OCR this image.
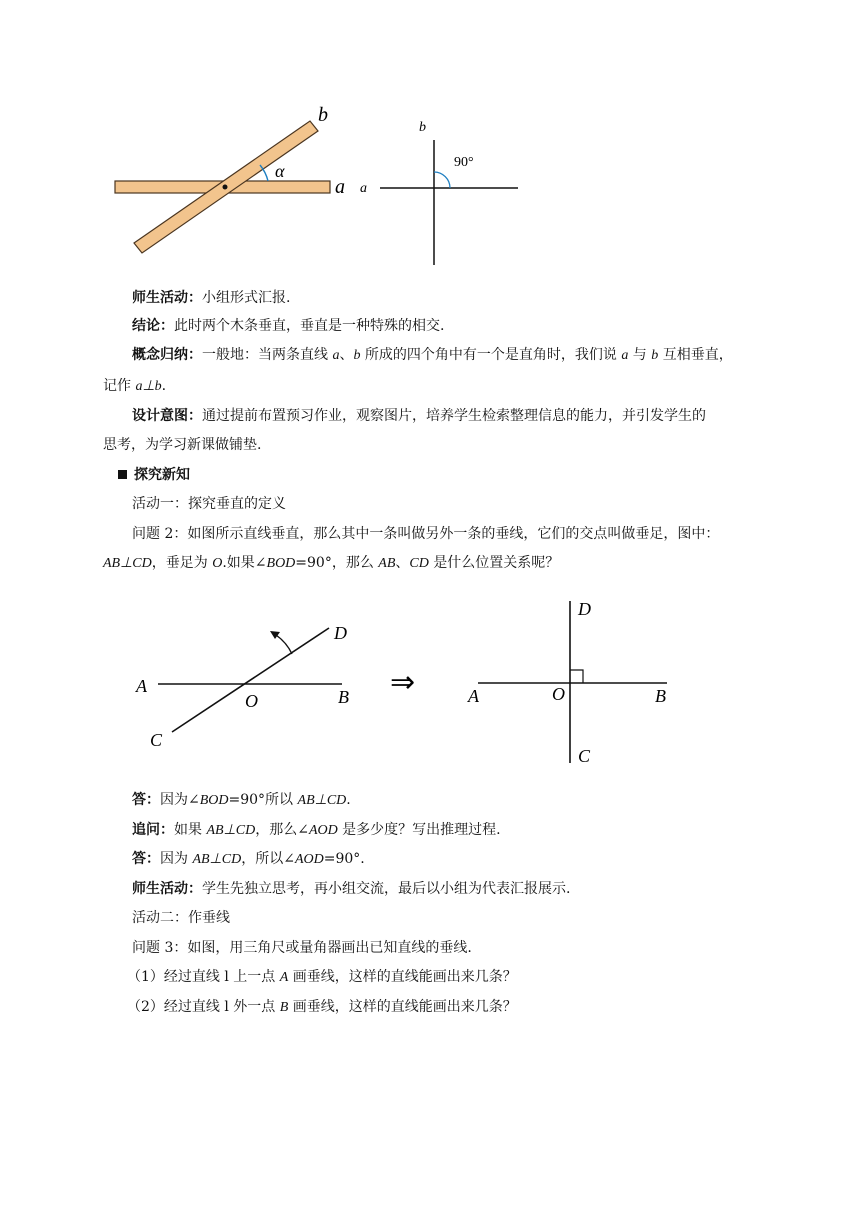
b
α
a
b
a
90°
师生活动：小组形式汇报.
结论：此时两个木条垂直，垂直是一种特殊的相交.
概念归纳：一般地：当两条直线 a、b 所成的四个角中有一个是直角时，我们说 a 与 b 互相垂直，
记作 a⊥b.
设计意图：通过提前布置预习作业，观察图片，培养学生检索整理信息的能力，并引发学生的
思考，为学习新课做铺垫.
探究新知
活动一：探究垂直的定义
问题 2：如图所示直线垂直，那么其中一条叫做另外一条的垂线，它们的交点叫做垂足，图中：
AB⊥CD，垂足为 O.如果∠BOD=90°，那么 AB、CD 是什么位置关系呢？
A
B
C
D
O
⇒	A	B
C
D
O
答：因为∠BOD=90°所以 AB⊥CD.
追问：如果 AB⊥CD，那么∠AOD 是多少度？写出推理过程.
答：因为 AB⊥CD，所以∠AOD=90°.
师生活动：学生先独立思考，再小组交流，最后以小组为代表汇报展示.
活动二：作垂线
问题 3：如图，用三角尺或量角器画出已知直线的垂线.
（1）经过直线 l 上一点 A 画垂线，这样的直线能画出来几条？
（2）经过直线 l 外一点 B 画垂线，这样的直线能画出来几条？
